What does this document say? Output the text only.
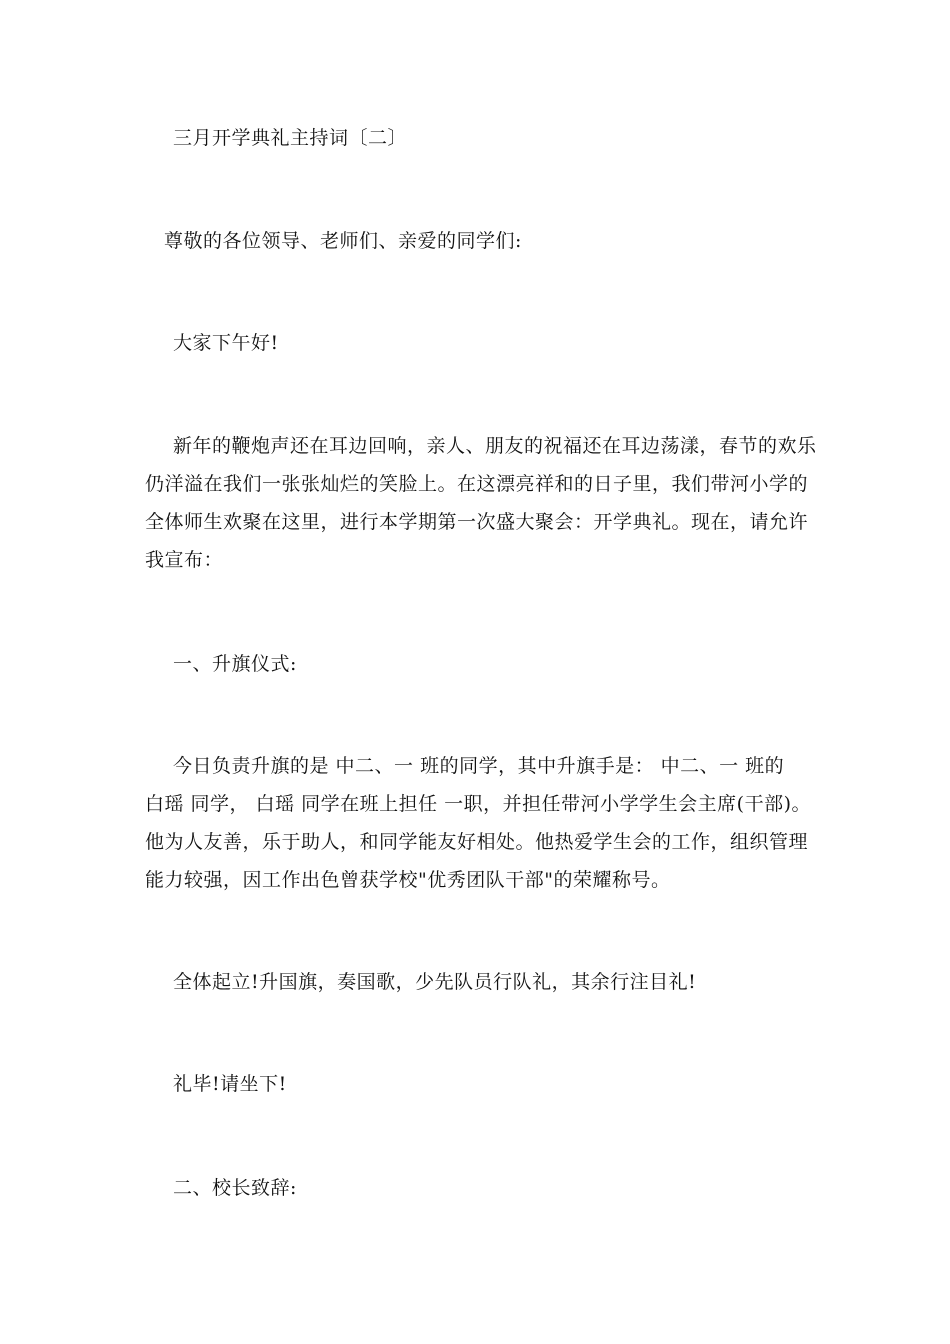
三月开学典礼主持词〔二〕
尊敬的各位领导、老师们、亲爱的同学们:
大家下午好!
新年的鞭炮声还在耳边回响，亲人、朋友的祝福还在耳边荡漾，春节的欢乐
仍洋溢在我们一张张灿烂的笑脸上。在这漂亮祥和的日子里，我们带河小学的
全体师生欢聚在这里，进行本学期第一次盛大聚会：开学典礼。现在，请允许
我宣布：
一、升旗仪式:
今日负责升旗的是 中二、一 班的同学，其中升旗手是： 中二、一 班的
白瑶 同学， 白瑶 同学在班上担任 一职，并担任带河小学学生会主席(干部)。
他为人友善，乐于助人，和同学能友好相处。他热爱学生会的工作，组织管理
能力较强，因工作出色曾获学校"优秀团队干部"的荣耀称号。
全体起立!升国旗，奏国歌，少先队员行队礼，其余行注目礼!
礼毕!请坐下!
二、校长致辞:
